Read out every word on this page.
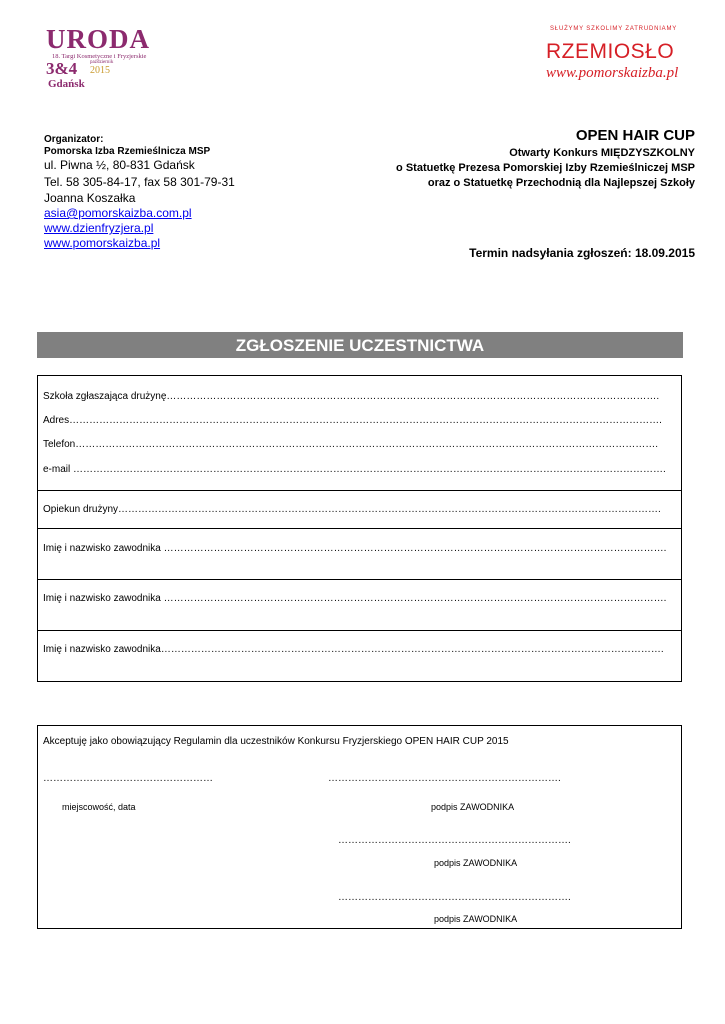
URODA
18. Targi Kosmetyczne i Fryzjerskie
3&4	październik
2015
Gdańsk
SŁUŻYMY SZKOLIMY ZATRUDNIAMY
RZEMIOSŁO
www.pomorskaizba.pl
Organizator:
Pomorska Izba Rzemieślnicza MSP
ul. Piwna ½, 80-831 Gdańsk
Tel. 58 305-84-17, fax 58 301-79-31
Joanna Koszałka
asia@pomorskaizba.com.pl
www.dzienfryzjera.pl
www.pomorskaizba.pl
OPEN HAIR CUP
Otwarty Konkurs MIĘDZYSZKOLNY
o Statuetkę Prezesa Pomorskiej Izby Rzemieślniczej MSP
oraz o Statuetkę Przechodnią dla Najlepszej Szkoły
Termin nadsyłania zgłoszeń: 18.09.2015
ZGŁOSZENIE UCZESTNICTWA
Szkoła zgłaszająca drużynę………………………………………………………………………………………………………………………………….
Adres…………………………………………………………………………………………………………………………………………………………….
Telefon………………………………………………………………………………………………………………………………………………………….
e-mail …………………………………………………………………………………………………………………………………………………………….
Opiekun drużyny……………………………………………………………………………………………………………………………………………….
Imię i nazwisko zawodnika …………………………………………………………………………………………………………………………………….
Imię i nazwisko zawodnika …………………………………………………………………………………………………………………………………….
Imię i nazwisko zawodnika…………………………………………………………………………………………………………………………………….
Akceptuję jako obowiązujący Regulamin dla uczestników Konkursu Fryzjerskiego OPEN HAIR CUP 2015
……………………………………………	…………………………………………………………….
miejscowość, data	podpis ZAWODNIKA
…………………………………………………………….
podpis ZAWODNIKA
…………………………………………………………….
podpis ZAWODNIKA
